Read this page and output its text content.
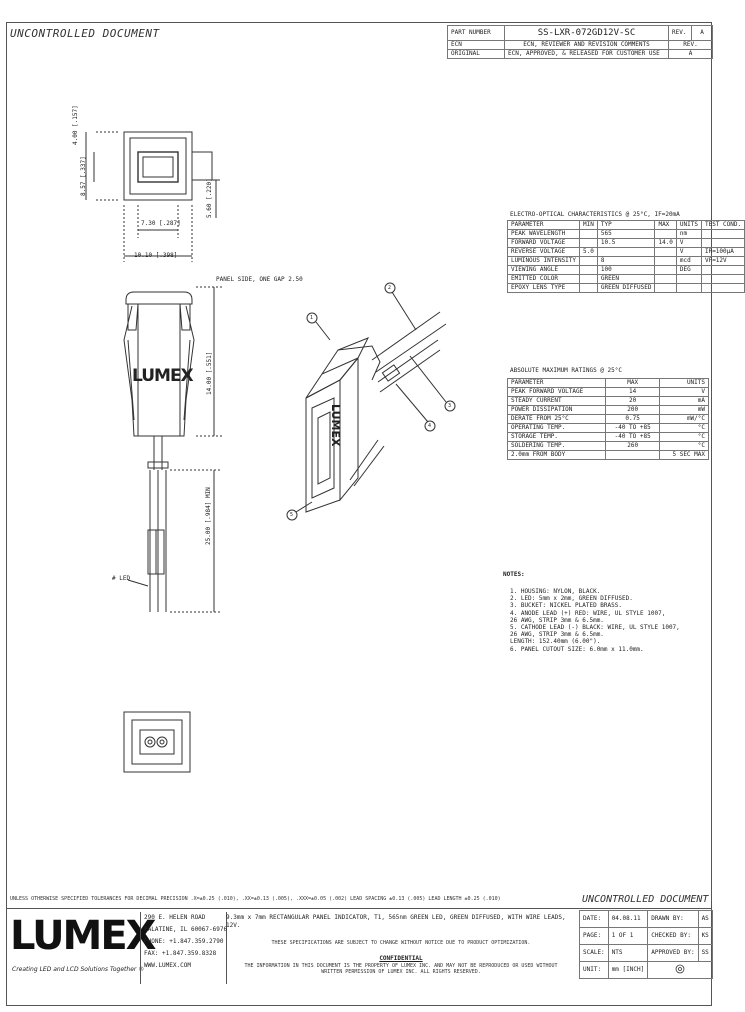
UNCONTROLLED DOCUMENT	PART NUMBER	SS-LXR-072GD12V-SC	REV.	A
ECN	ECN, REVIEWER AND REVISION COMMENTS	REV.	
ORIGINAL	ECN, APPROVED, & RELEASED FOR CUSTOMER USE	A	
4.00 [.157]
8.57 [.337]
5.60 [.220]
7.30 [.287]
10.10 [.398]
PANEL SIDE, ONE GAP 2.50
14.00 [.551]
25.00 [.984] MIN
# LED
LUMEX
LUMEX
1
2
3
4
5
ELECTRO-OPTICAL CHARACTERISTICS @ 25°C, IF=20mA
PARAMETER	MIN	TYP	MAX	UNITS	TEST COND.
PEAK WAVELENGTH		565		nm	
FORWARD VOLTAGE		10.5	14.0	V	
REVERSE VOLTAGE	5.0			V	IR=100μA
LUMINOUS INTENSITY		8		mcd	VF=12V
VIEWING ANGLE		100		DEG	
EMITTED COLOR		GREEN			
EPOXY LENS TYPE		GREEN DIFFUSED			
ABSOLUTE MAXIMUM RATINGS @ 25°C
PARAMETER	MAX	UNITS
PEAK FORWARD VOLTAGE	14	V
STEADY CURRENT	20	mA
POWER DISSIPATION	200	mW
DERATE FROM 25°C	0.75	mW/°C
OPERATING TEMP.	-40 TO +85	°C
STORAGE TEMP.	-40 TO +85	°C
SOLDERING TEMP.	260	°C
2.0mm FROM BODY		5 SEC MAX
NOTES:
1. HOUSING: NYLON, BLACK.
2. LED: 5mm x 2mm, GREEN DIFFUSED.
3. BUCKET: NICKEL PLATED BRASS.
4. ANODE LEAD (+) RED: WIRE, UL STYLE 1007,
26 AWG, STRIP 3mm & 6.5mm.
5. CATHODE LEAD (-) BLACK: WIRE, UL STYLE 1007,
26 AWG, STRIP 3mm & 6.5mm.
LENGTH: 152.40mm (6.00").
6. PANEL CUTOUT SIZE: 6.0mm x 11.0mm.
UNLESS OTHERWISE SPECIFIED TOLERANCES FOR DECIMAL PRECISION .X=±0.25 (.010), .XX=±0.13 (.005), .XXX=±0.05 (.002) LEAD SPACING ±0.13 (.005) LEAD LENGTH ±0.25 (.010)	UNCONTROLLED DOCUMENT
LUMEX
Creating LED and LCD Solutions Together ®
290 E. HELEN ROAD
PALATINE, IL 60067-6976
PHONE: +1.847.359.2790
FAX: +1.847.359.8328
WWW.LUMEX.COM
9.3mm x 7mm RECTANGULAR PANEL INDICATOR, T1, 565nm GREEN LED, GREEN DIFFUSED, WITH WIRE LEADS, 12V.
THESE SPECIFICATIONS ARE SUBJECT TO CHANGE WITHOUT NOTICE DUE TO PRODUCT OPTIMIZATION.
CONFIDENTIAL
THE INFORMATION IN THIS DOCUMENT IS THE PROPERTY OF LUMEX INC. AND MAY NOT BE REPRODUCED OR USED WITHOUT
WRITTEN PERMISSION OF LUMEX INC. ALL RIGHTS RESERVED.
DATE:	04.08.11	DRAWN BY:	AS
PAGE:	1 OF 1	CHECKED BY:	KS
SCALE:	NTS	APPROVED BY:	SS
UNIT:	mm [INCH]	
